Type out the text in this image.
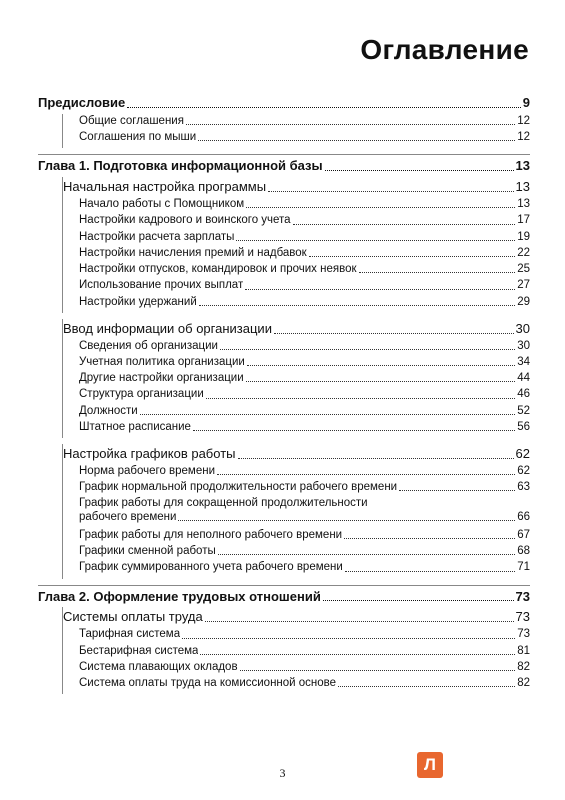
Оглавление
Предисловие	9
Общие соглашения	12
Соглашения по мыши	12
Глава 1. Подготовка информационной базы	13
Начальная настройка программы	13
Начало работы с Помощником	13
Настройки кадрового и воинского учета	17
Настройки расчета зарплаты	19
Настройки начисления премий и надбавок	22
Настройки отпусков, командировок и прочих неявок	25
Использование прочих выплат	27
Настройки удержаний	29
Ввод информации об организации	30
Сведения об организации	30
Учетная политика организации	34
Другие настройки организации	44
Структура организации	46
Должности	52
Штатное расписание	56
Настройка графиков работы	62
Норма рабочего времени	62
График нормальной продолжительности рабочего времени	63
График работы для сокращенной продолжительности
рабочего времени	66
График работы для неполного рабочего времени	67
Графики сменной работы	68
График суммированного учета рабочего времени	71
Глава 2. Оформление трудовых отношений	73
Системы оплаты труда	73
Тарифная система	73
Бестарифная система	81
Система плавающих окладов	82
Система оплаты труда на комиссионной основе	82
3	Л
